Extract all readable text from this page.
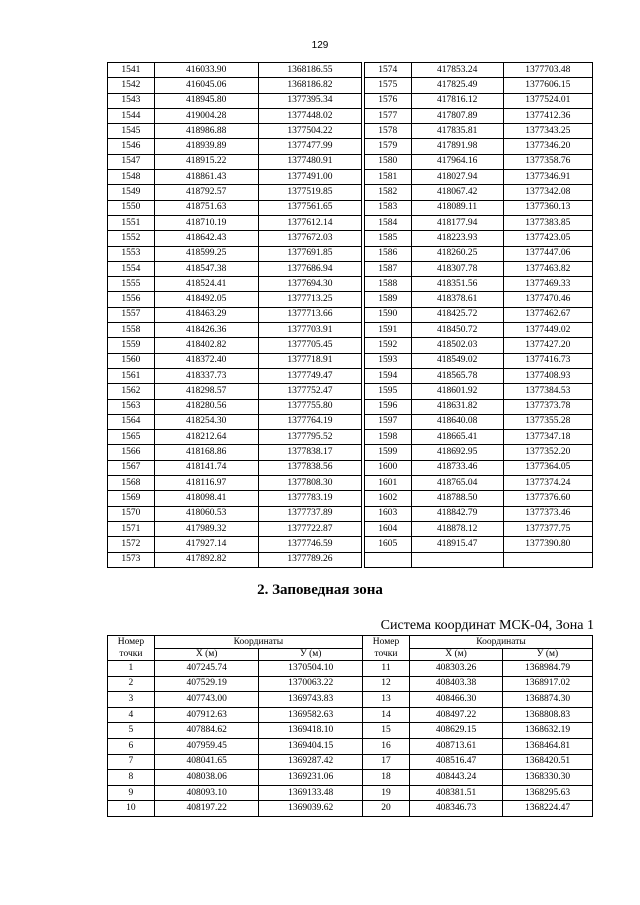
129
1541	416033.90	1368186.55
1542	416045.06	1368186.82
1543	418945.80	1377395.34
1544	419004.28	1377448.02
1545	418986.88	1377504.22
1546	418939.89	1377477.99
1547	418915.22	1377480.91
1548	418861.43	1377491.00
1549	418792.57	1377519.85
1550	418751.63	1377561.65
1551	418710.19	1377612.14
1552	418642.43	1377672.03
1553	418599.25	1377691.85
1554	418547.38	1377686.94
1555	418524.41	1377694.30
1556	418492.05	1377713.25
1557	418463.29	1377713.66
1558	418426.36	1377703.91
1559	418402.82	1377705.45
1560	418372.40	1377718.91
1561	418337.73	1377749.47
1562	418298.57	1377752.47
1563	418280.56	1377755.80
1564	418254.30	1377764.19
1565	418212.64	1377795.52
1566	418168.86	1377838.17
1567	418141.74	1377838.56
1568	418116.97	1377808.30
1569	418098.41	1377783.19
1570	418060.53	1377737.89
1571	417989.32	1377722.87
1572	417927.14	1377746.59
1573	417892.82	1377789.26
1574	417853.24	1377703.48
1575	417825.49	1377606.15
1576	417816.12	1377524.01
1577	417807.89	1377412.36
1578	417835.81	1377343.25
1579	417891.98	1377346.20
1580	417964.16	1377358.76
1581	418027.94	1377346.91
1582	418067.42	1377342.08
1583	418089.11	1377360.13
1584	418177.94	1377383.85
1585	418223.93	1377423.05
1586	418260.25	1377447.06
1587	418307.78	1377463.82
1588	418351.56	1377469.33
1589	418378.61	1377470.46
1590	418425.72	1377462.67
1591	418450.72	1377449.02
1592	418502.03	1377427.20
1593	418549.02	1377416.73
1594	418565.78	1377408.93
1595	418601.92	1377384.53
1596	418631.82	1377373.78
1597	418640.08	1377355.28
1598	418665.41	1377347.18
1599	418692.95	1377352.20
1600	418733.46	1377364.05
1601	418765.04	1377374.24
1602	418788.50	1377376.60
1603	418842.79	1377373.46
1604	418878.12	1377377.75
1605	418915.47	1377390.80

2. Заповедная зона
Система координат МСК-04, Зона 1
Номер точки	Координаты	
	X (м)	У (м)
1	407245.74	1370504.10
2	407529.19	1370063.22
3	407743.00	1369743.83
4	407912.63	1369582.63
5	407884.62	1369418.10
6	407959.45	1369404.15
7	408041.65	1369287.42
8	408038.06	1369231.06
9	408093.10	1369133.48
10	408197.22	1369039.62
Номер точки	Координаты	
	X (м)	У (м)
11	408303.26	1368984.79
12	408403.38	1368917.02
13	408466.30	1368874.30
14	408497.22	1368808.83
15	408629.15	1368632.19
16	408713.61	1368464.81
17	408516.47	1368420.51
18	408443.24	1368330.30
19	408381.51	1368295.63
20	408346.73	1368224.47
